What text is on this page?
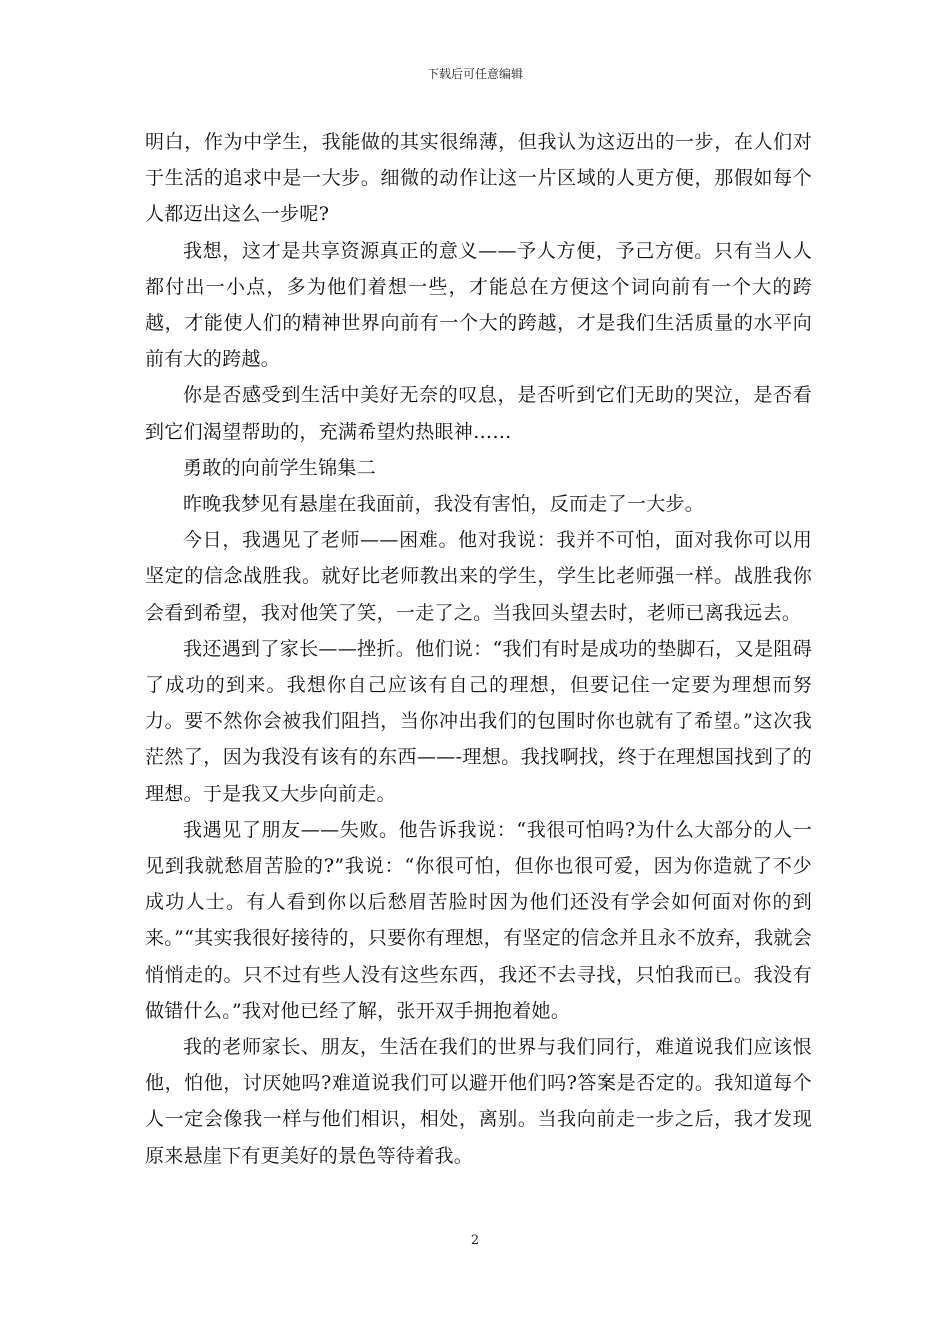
下载后可任意编辑

明白，作为中学生，我能做的其实很绵薄，但我认为这迈出的一步，在人们对于生活的追求中是一大步。细微的动作让这一片区域的人更方便，那假如每个人都迈出这么一步呢?

我想，这才是共享资源真正的意义——予人方便，予己方便。只有当人人都付出一小点，多为他们着想一些，才能总在方便这个词向前有一个大的跨越，才能使人们的精神世界向前有一个大的跨越，才是我们生活质量的水平向前有大的跨越。

你是否感受到生活中美好无奈的叹息，是否听到它们无助的哭泣，是否看到它们渴望帮助的，充满希望灼热眼神……

勇敢的向前学生锦集二

昨晚我梦见有悬崖在我面前，我没有害怕，反而走了一大步。

今日，我遇见了老师——困难。他对我说：我并不可怕，面对我你可以用坚定的信念战胜我。就好比老师教出来的学生，学生比老师强一样。战胜我你会看到希望，我对他笑了笑，一走了之。当我回头望去时，老师已离我远去。

我还遇到了家长——挫折。他们说：“我们有时是成功的垫脚石，又是阻碍了成功的到来。我想你自己应该有自己的理想，但要记住一定要为理想而努力。要不然你会被我们阻挡，当你冲出我们的包围时你也就有了希望。”这次我茫然了，因为我没有该有的东西——-理想。我找啊找，终于在理想国找到了的理想。于是我又大步向前走。

我遇见了朋友——失败。他告诉我说：“我很可怕吗?为什么大部分的人一见到我就愁眉苦脸的?”我说：“你很可怕，但你也很可爱，因为你造就了不少成功人士。有人看到你以后愁眉苦脸时因为他们还没有学会如何面对你的到来。”“其实我很好接待的，只要你有理想，有坚定的信念并且永不放弃，我就会悄悄走的。只不过有些人没有这些东西，我还不去寻找，只怕我而已。我没有做错什么。”我对他已经了解，张开双手拥抱着她。

我的老师家长、朋友，生活在我们的世界与我们同行，难道说我们应该恨他，怕他，讨厌她吗?难道说我们可以避开他们吗?答案是否定的。我知道每个人一定会像我一样与他们相识，相处，离别。当我向前走一步之后，我才发现原来悬崖下有更美好的景色等待着我。

2
